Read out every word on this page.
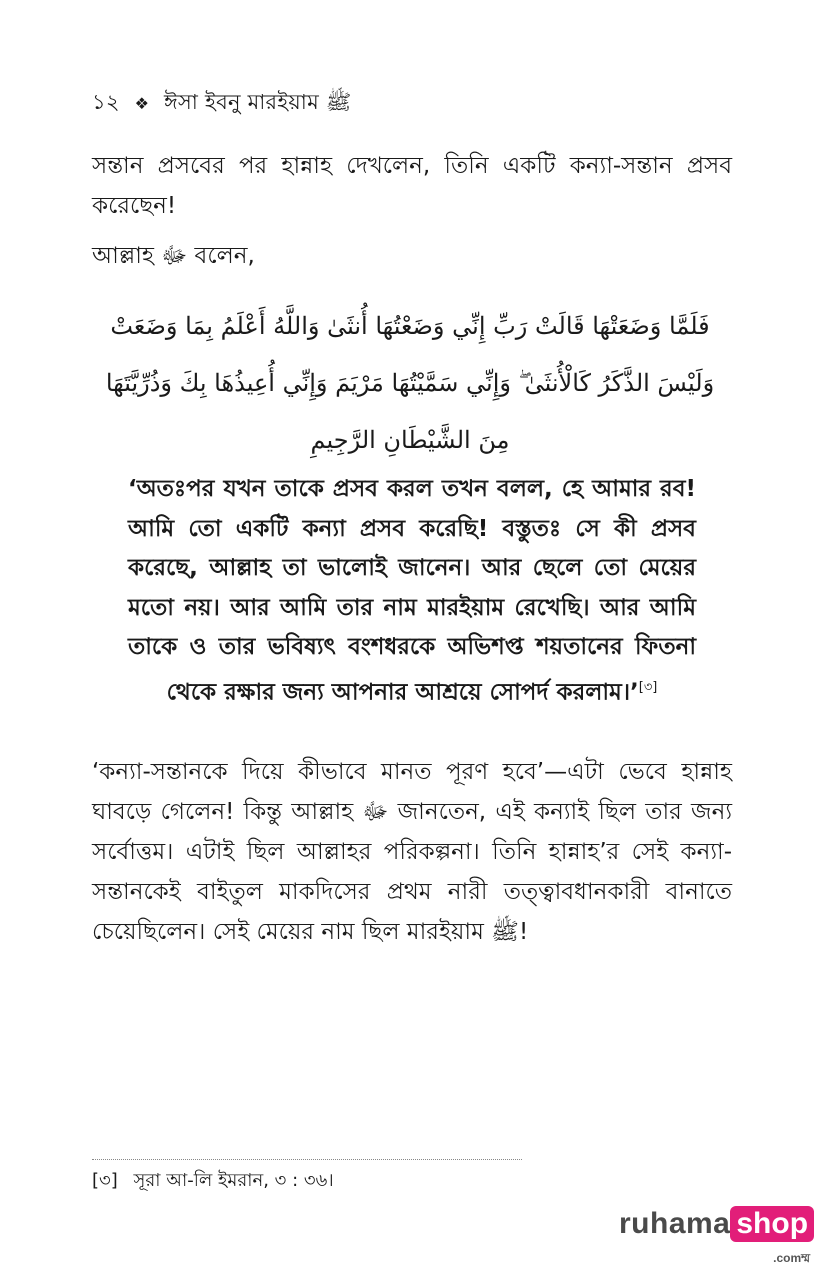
১২ ❖ ঈসা ইবনু মারইয়াম ﷺ
সন্তান প্রসবের পর হান্নাহ দেখলেন, তিনি একটি কন্যা-সন্তান প্রসব করেছেন!
আল্লাহ ﷻ বলেন,
فَلَمَّا وَضَعَتْهَا قَالَتْ رَبِّ إِنِّي وَضَعْتُهَا أُنثَىٰ وَاللَّهُ أَعْلَمُ بِمَا وَضَعَتْ
وَلَيْسَ الذَّكَرُ كَالْأُنثَىٰ ۖ وَإِنِّي سَمَّيْتُهَا مَرْيَمَ وَإِنِّي أُعِيذُهَا بِكَ وَذُرِّيَّتَهَا
مِنَ الشَّيْطَانِ الرَّجِيمِ
‘অতঃপর যখন তাকে প্রসব করল তখন বলল, হে আমার রব! আমি তো একটি কন্যা প্রসব করেছি! বস্তুতঃ সে কী প্রসব করেছে, আল্লাহ তা ভালোই জানেন। আর ছেলে তো মেয়ের মতো নয়। আর আমি তার নাম মারইয়াম রেখেছি। আর আমি তাকে ও তার ভবিষ্যৎ বংশধরকে অভিশপ্ত শয়তানের ফিতনা থেকে রক্ষার জন্য আপনার আশ্রয়ে সোপর্দ করলাম।’[৩]
‘কন্যা-সন্তানকে দিয়ে কীভাবে মানত পূরণ হবে’—এটা ভেবে হান্নাহ ঘাবড়ে গেলেন! কিন্তু আল্লাহ ﷻ জানতেন, এই কন্যাই ছিল তার জন্য সর্বোত্তম। এটাই ছিল আল্লাহর পরিকল্পনা। তিনি হান্নাহ’র সেই কন্যা-সন্তানকেই বাইতুল মাকদিসের প্রথম নারী তত্ত্বাবধানকারী বানাতে চেয়েছিলেন। সেই মেয়ের নাম ছিল মারইয়াম ﷺ!
[৩] সূরা আ-লি ইমরান, ৩ : ৩৬।
ruhama shop
.comম্ম
